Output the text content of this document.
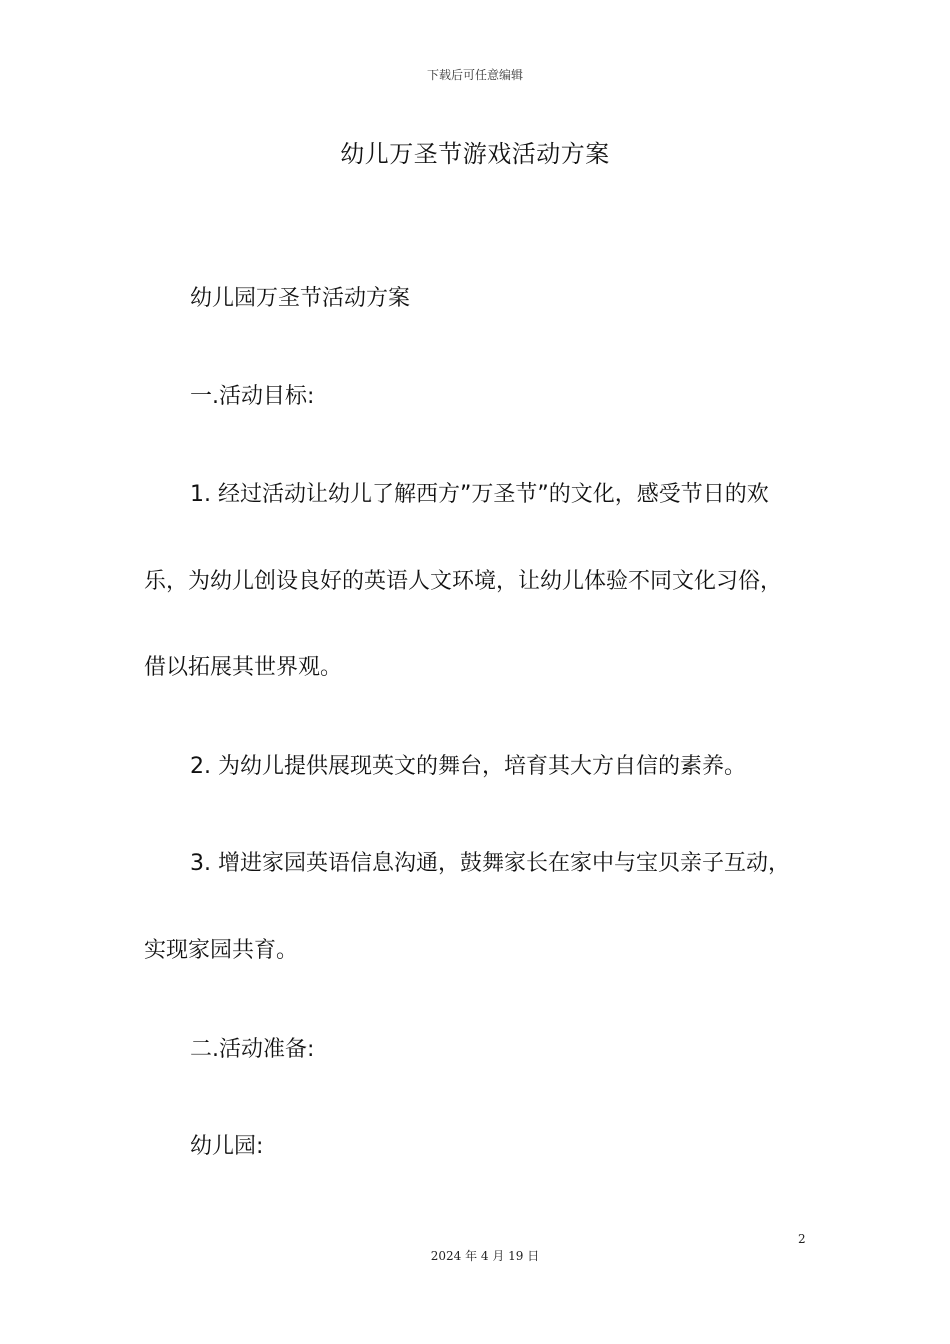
下载后可任意编辑
幼儿万圣节游戏活动方案
幼儿园万圣节活动方案
一.活动目标:
1. 经过活动让幼儿了解西方”万圣节”的文化，感受节日的欢
乐，为幼儿创设良好的英语人文环境，让幼儿体验不同文化习俗，
借以拓展其世界观。
2. 为幼儿提供展现英文的舞台，培育其大方自信的素养。
3. 增进家园英语信息沟通，鼓舞家长在家中与宝贝亲子互动，
实现家园共育。
二.活动准备:
幼儿园:
2
2024 年 4 月 19 日
